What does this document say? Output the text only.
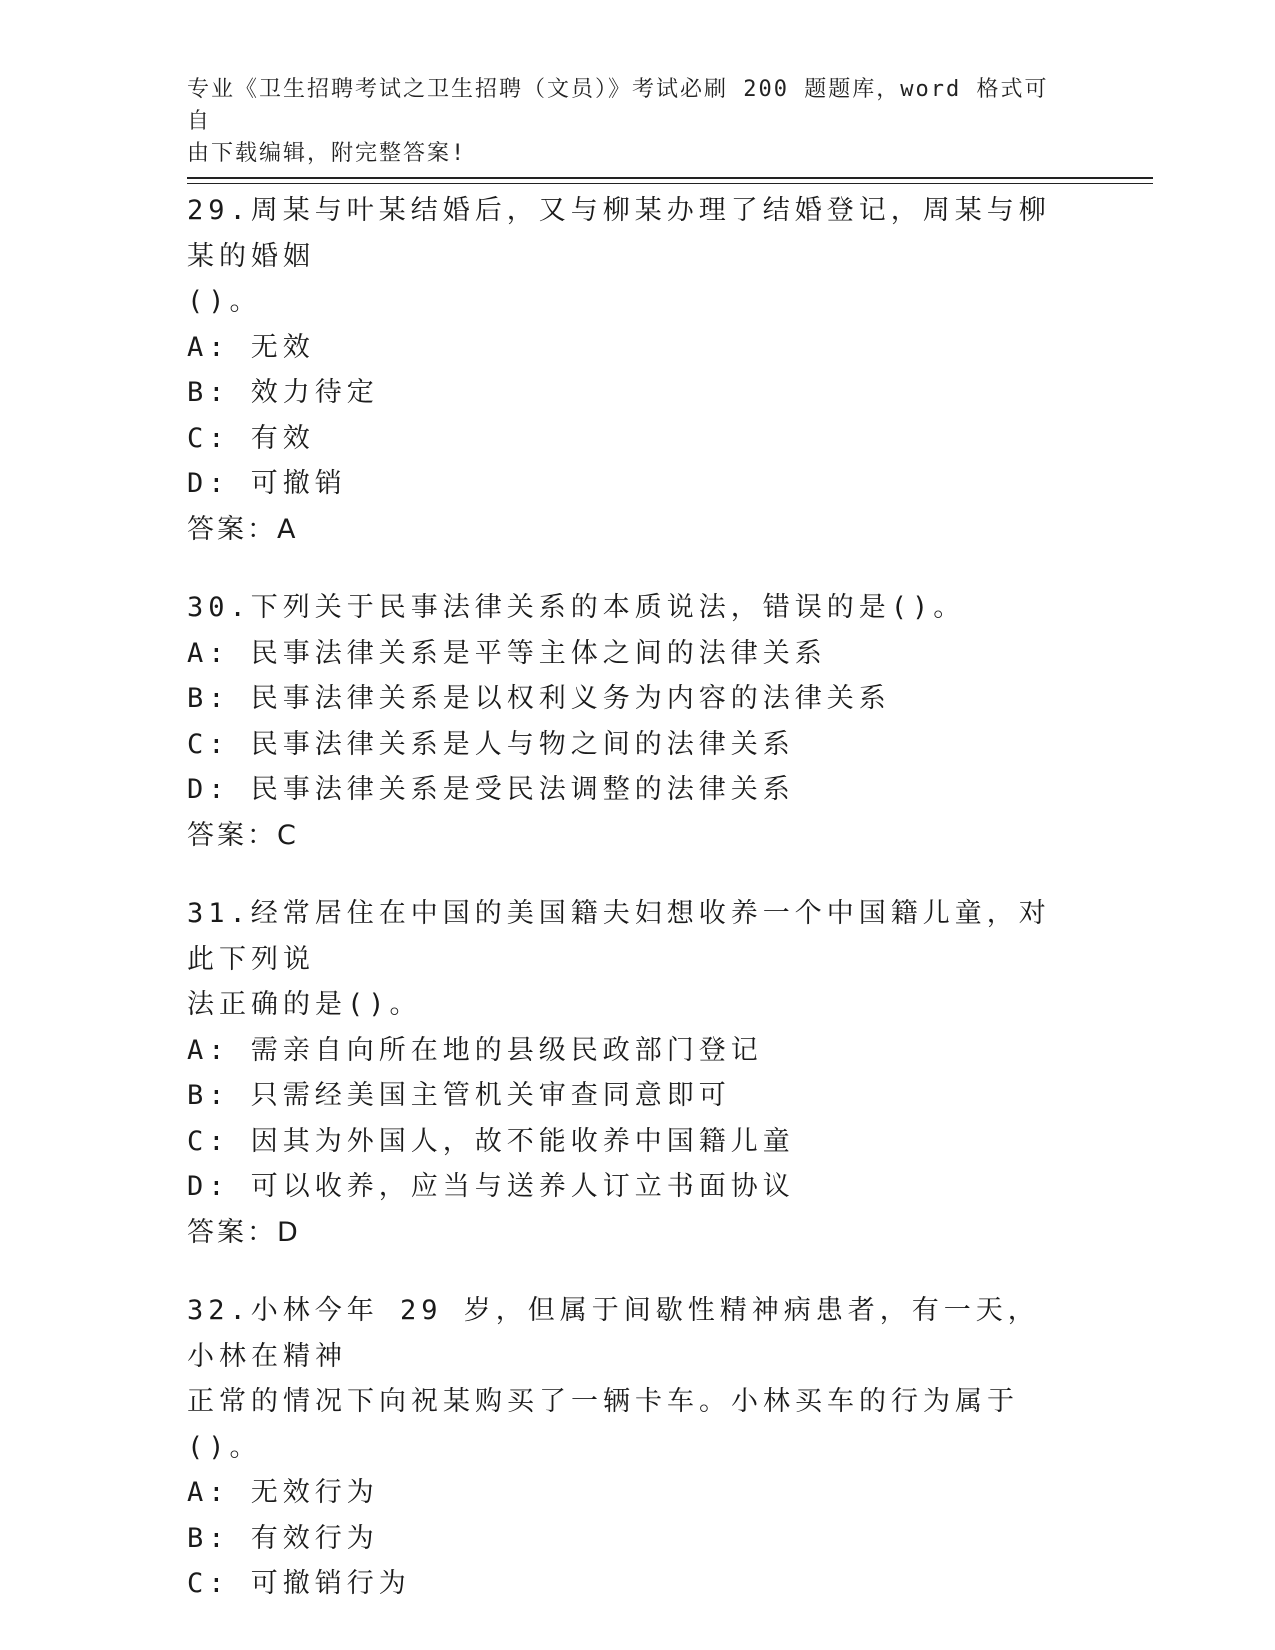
专业《卫生招聘考试之卫生招聘（文员）》考试必刷 200 题题库，word 格式可自
由下载编辑，附完整答案!
29.周某与叶某结婚后，又与柳某办理了结婚登记，周某与柳某的婚姻
()。
A: 无效
B: 效力待定
C: 有效
D: 可撤销
答案：A
30.下列关于民事法律关系的本质说法，错误的是()。
A: 民事法律关系是平等主体之间的法律关系
B: 民事法律关系是以权利义务为内容的法律关系
C: 民事法律关系是人与物之间的法律关系
D: 民事法律关系是受民法调整的法律关系
答案：C
31.经常居住在中国的美国籍夫妇想收养一个中国籍儿童，对此下列说
法正确的是()。
A: 需亲自向所在地的县级民政部门登记
B: 只需经美国主管机关审查同意即可
C: 因其为外国人，故不能收养中国籍儿童
D: 可以收养，应当与送养人订立书面协议
答案：D
32.小林今年 29 岁，但属于间歇性精神病患者，有一天，小林在精神
正常的情况下向祝某购买了一辆卡车。小林买车的行为属于()。
A: 无效行为
B: 有效行为
C: 可撤销行为
